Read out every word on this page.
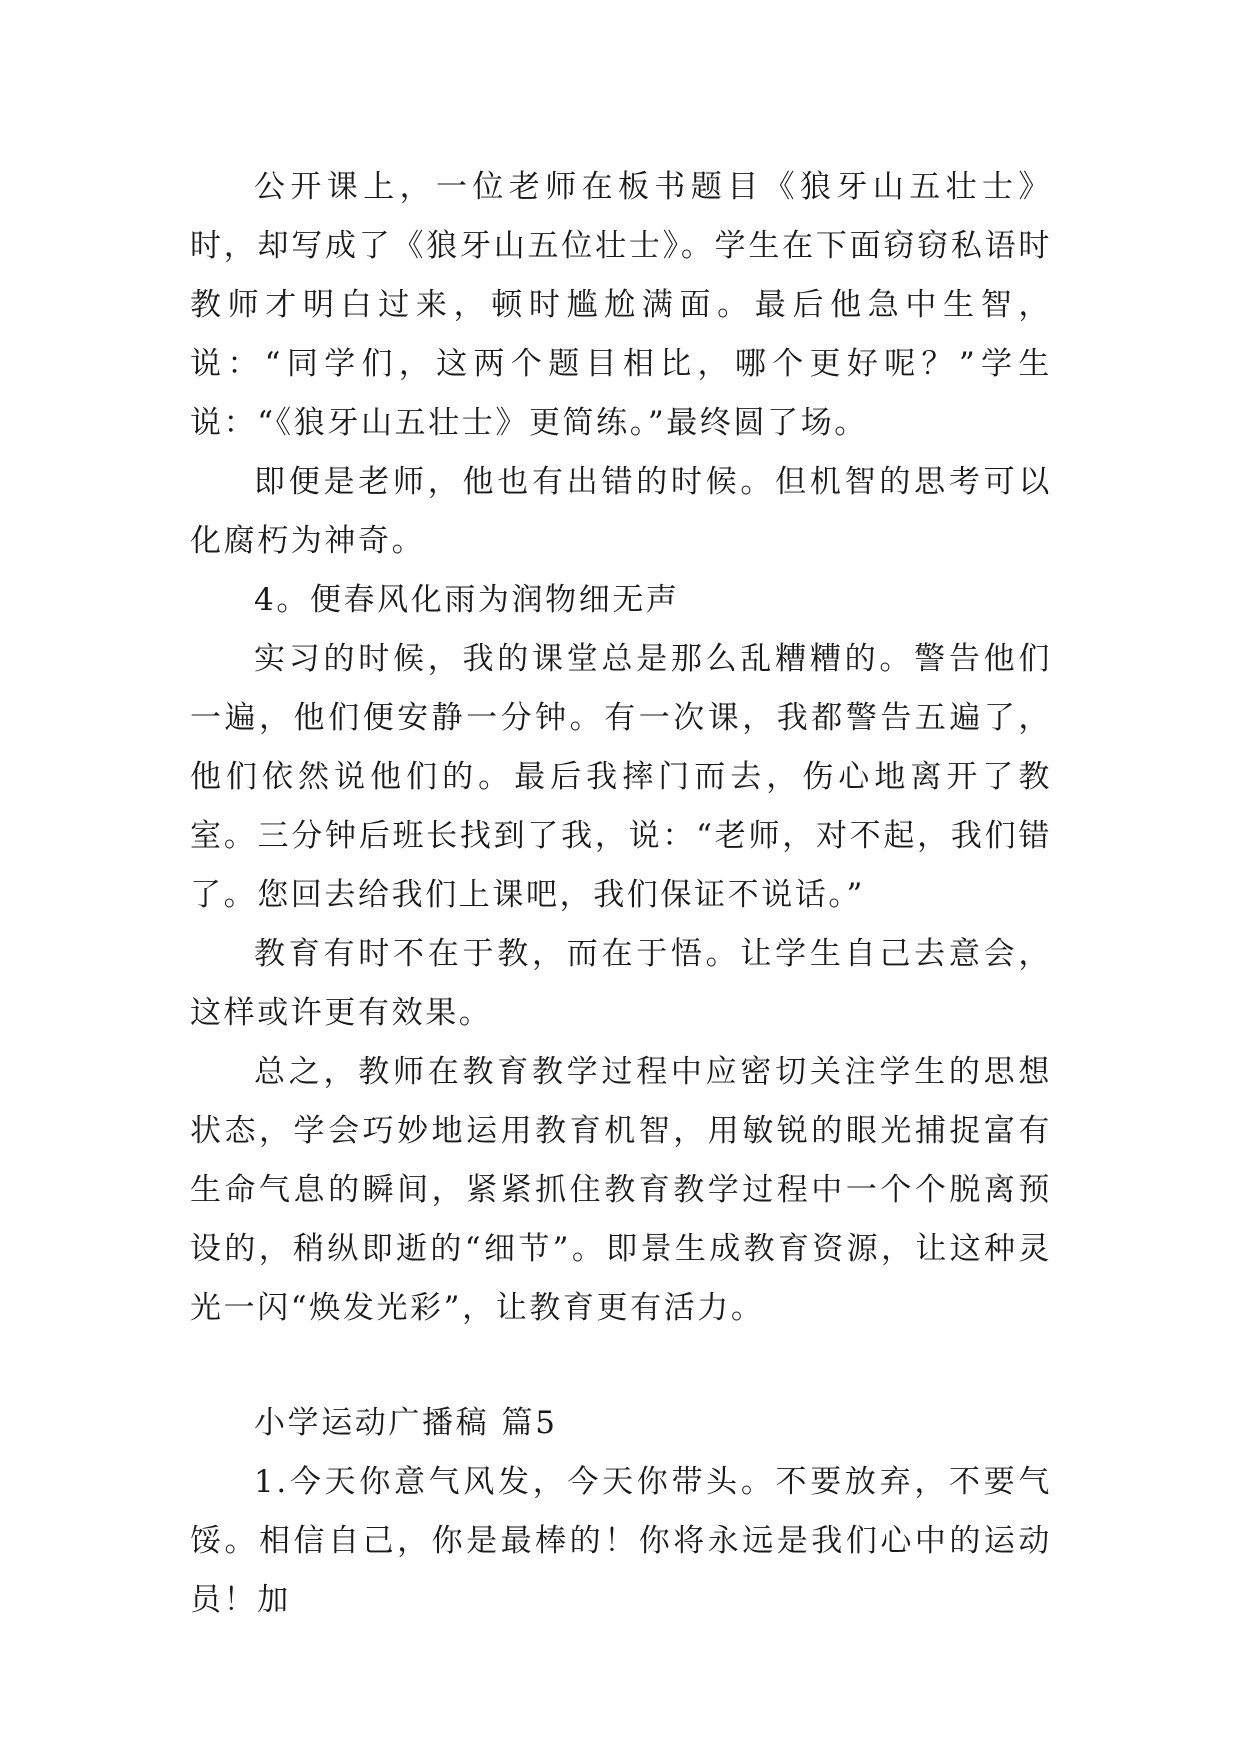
公开课上，一位老师在板书题目《狼牙山五壮士》时，却写成了《狼牙山五位壮士》。学生在下面窃窃私语时教师才明白过来，顿时尴尬满面。最后他急中生智，说：“同学们，这两个题目相比，哪个更好呢？”学生说：“《狼牙山五壮士》更简练。”最终圆了场。

即便是老师，他也有出错的时候。但机智的思考可以化腐朽为神奇。

4。便春风化雨为润物细无声

实习的时候，我的课堂总是那么乱糟糟的。警告他们一遍，他们便安静一分钟。有一次课，我都警告五遍了，他们依然说他们的。最后我摔门而去，伤心地离开了教室。三分钟后班长找到了我，说：“老师，对不起，我们错了。您回去给我们上课吧，我们保证不说话。”

教育有时不在于教，而在于悟。让学生自己去意会，这样或许更有效果。

总之，教师在教育教学过程中应密切关注学生的思想状态，学会巧妙地运用教育机智，用敏锐的眼光捕捉富有生命气息的瞬间，紧紧抓住教育教学过程中一个个脱离预设的，稍纵即逝的“细节”。即景生成教育资源，让这种灵光一闪“焕发光彩”，让教育更有活力。

小学运动广播稿 篇5

1.今天你意气风发，今天你带头。不要放弃，不要气馁。相信自己，你是最棒的！你将永远是我们心中的运动员！加
